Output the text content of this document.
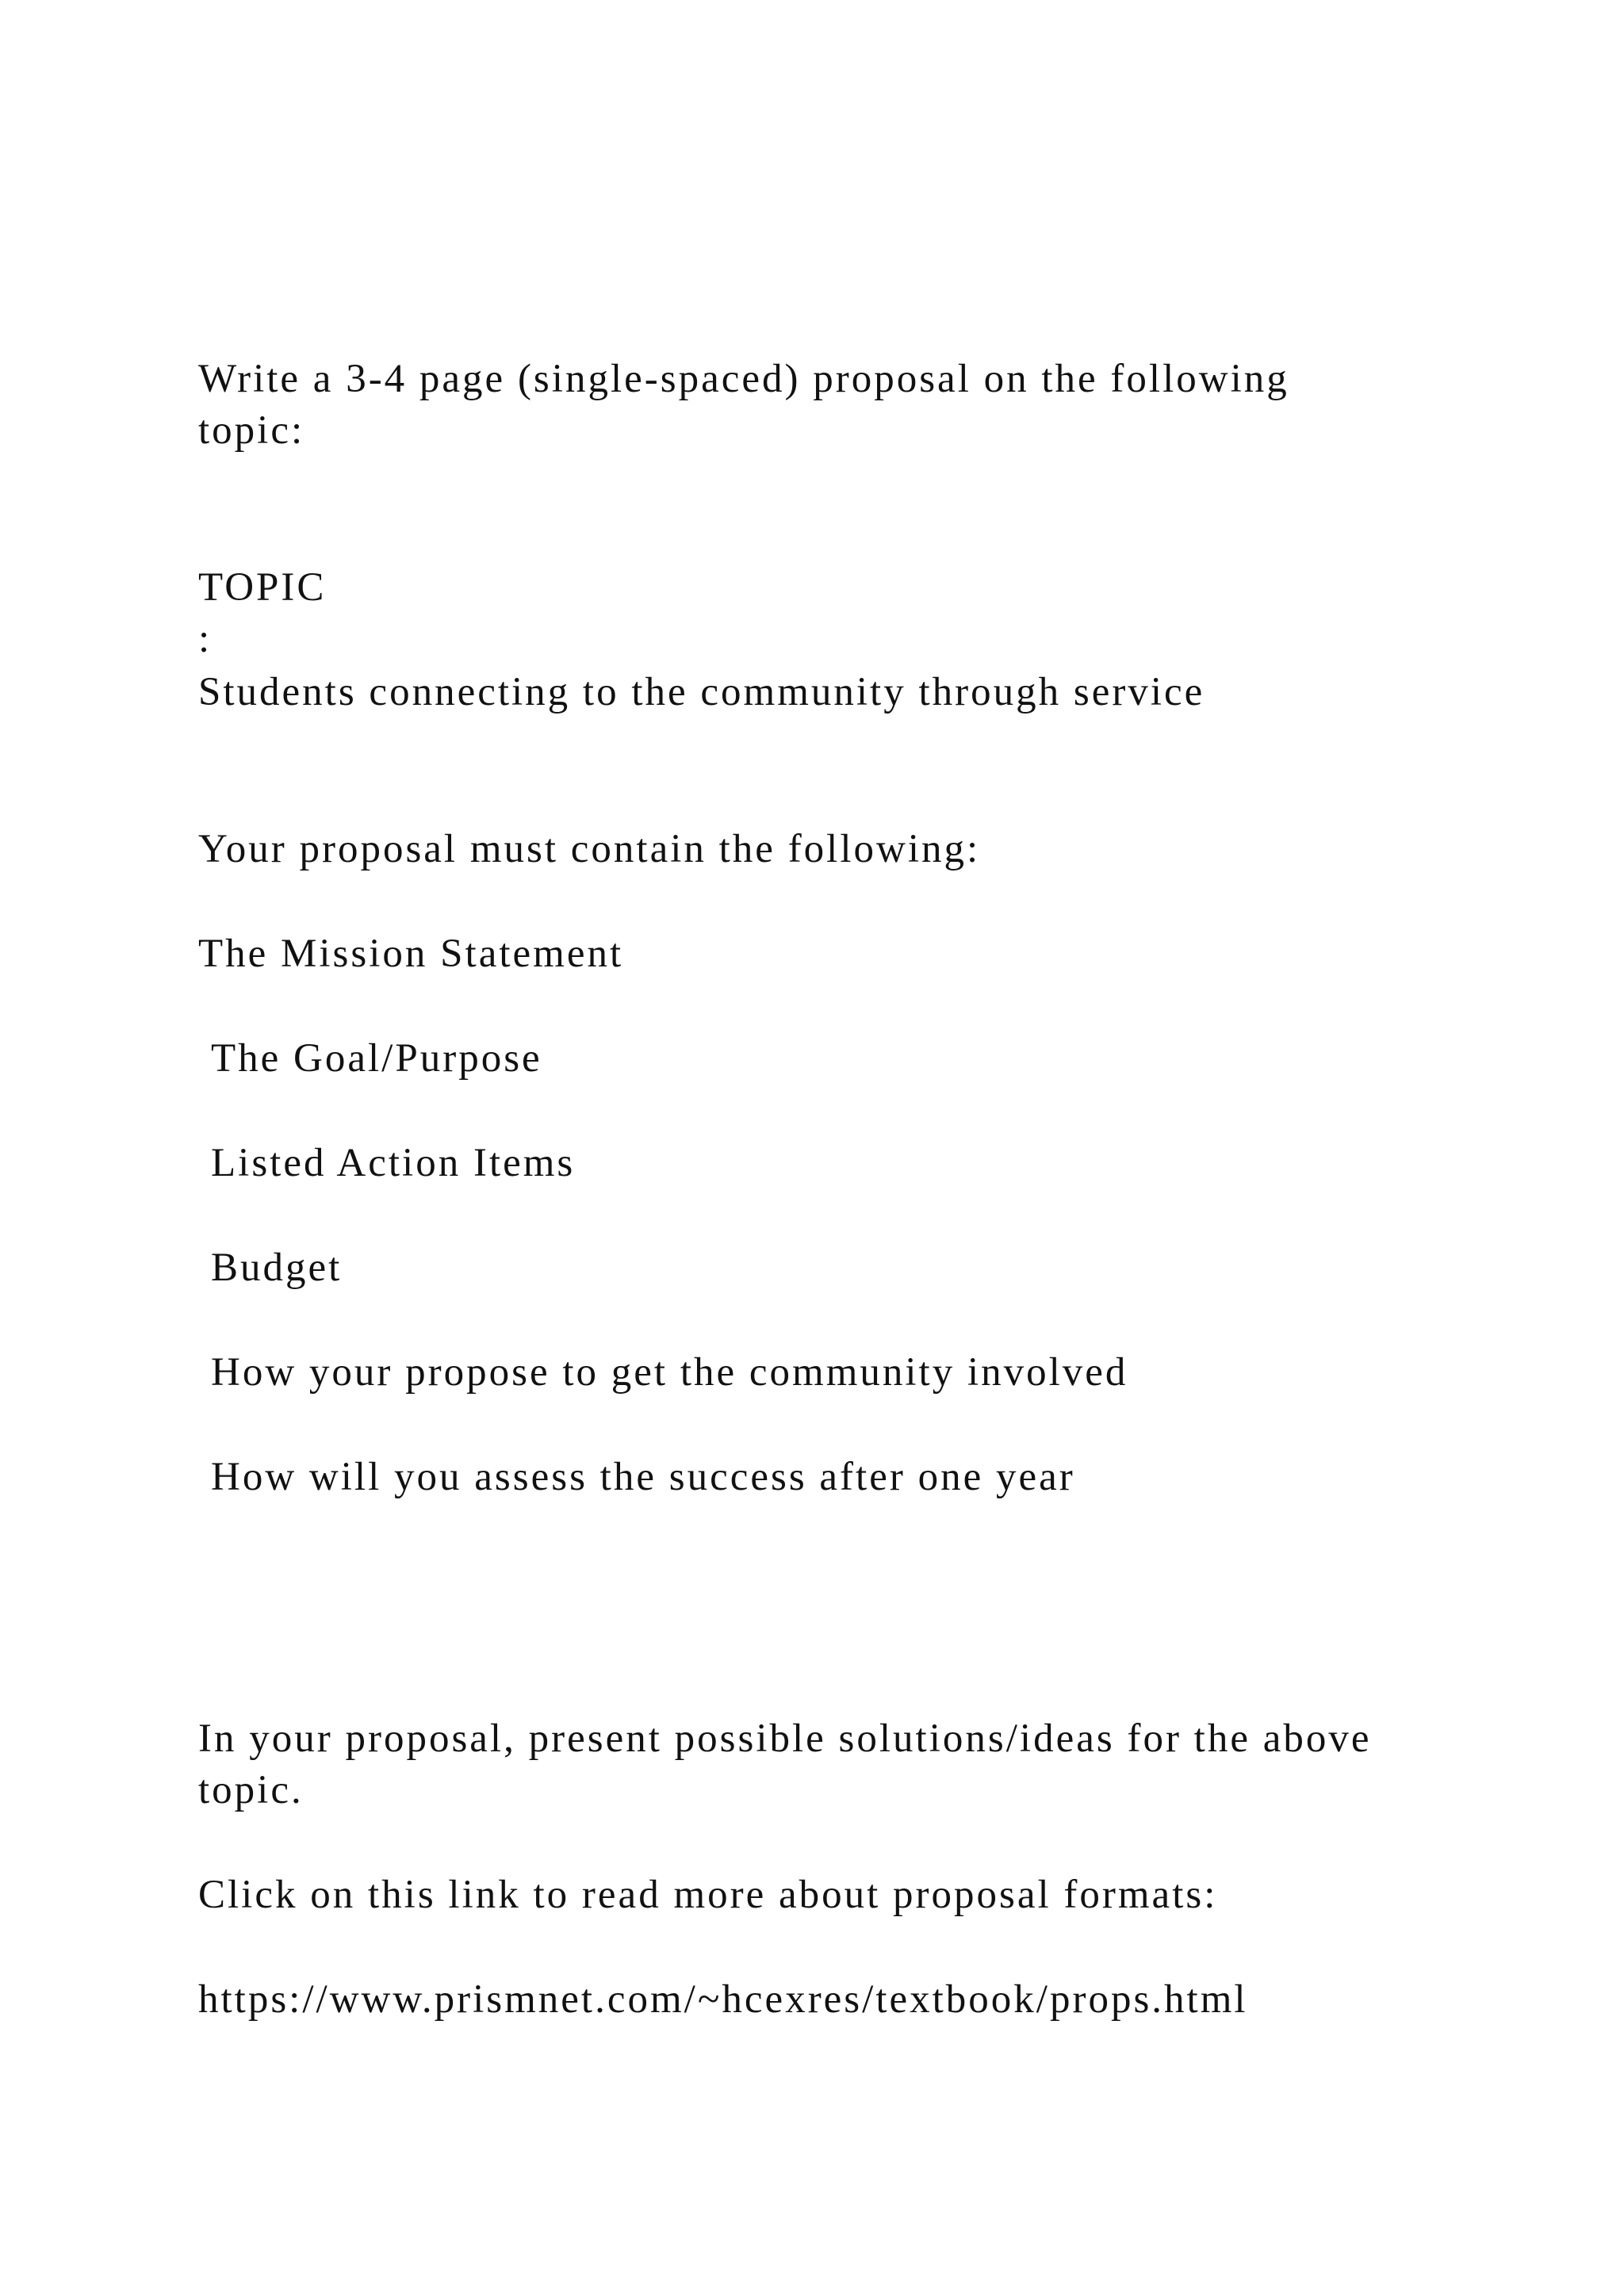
Write a 3-4 page (single-spaced) proposal on the following

topic:

TOPIC

:

Students connecting to the community through service

Your proposal must contain the following:

The Mission Statement

The Goal/Purpose

Listed Action Items

Budget

How your propose to get the community involved

How will you assess the success after one year

In your proposal, present possible solutions/ideas for the above

topic.

Click on this link to read more about proposal formats:

https://www.prismnet.com/~hcexres/textbook/props.html
